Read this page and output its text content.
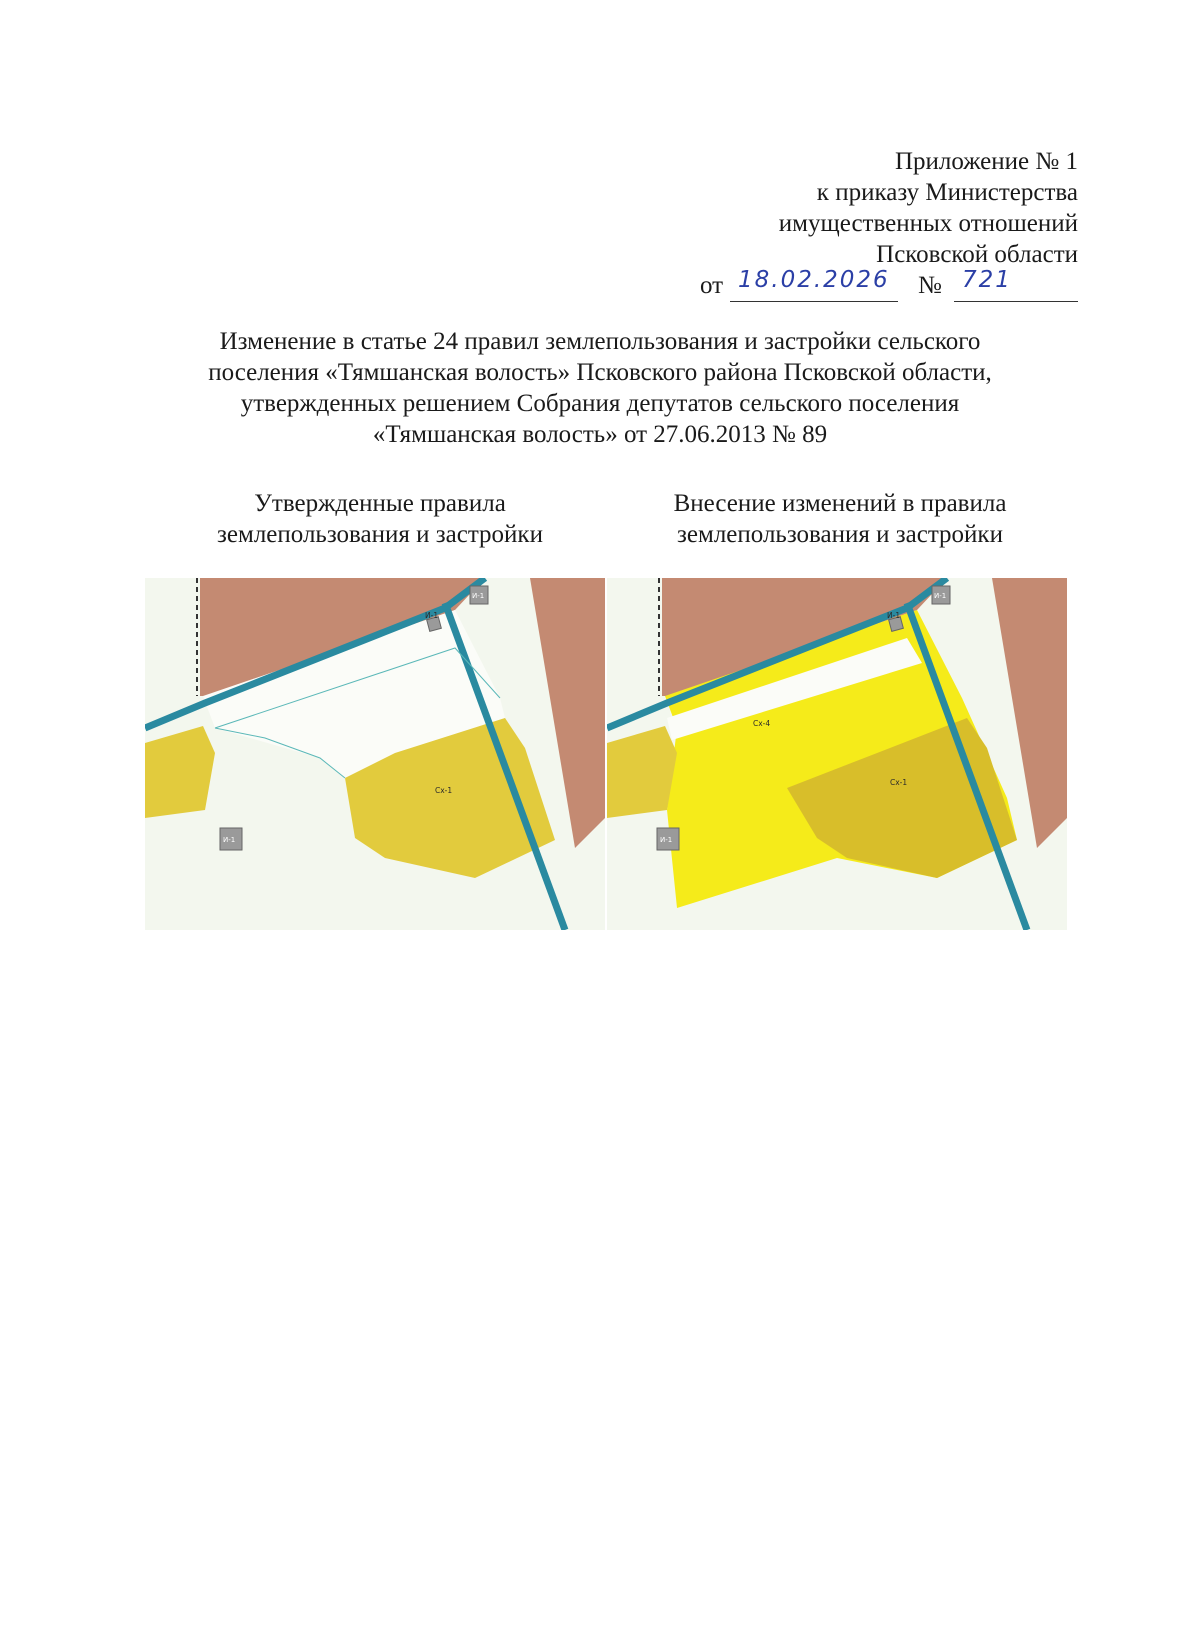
Приложение № 1
к приказу Министерства
имущественных отношений
Псковской области
от 18.02.2026 № 721
Изменение в статье 24 правил землепользования и застройки сельского
поселения «Тямшанская волость» Псковского района Псковской области,
утвержденных решением Собрания депутатов сельского поселения
«Тямшанская волость» от 27.06.2013 № 89
Утвержденные правила
землепользования и застройки
Внесение изменений в правила
землепользования и застройки
И-1
И-1
И-1
Сх-1
И-1
И-1
И-1
Сх-4
Сх-1
